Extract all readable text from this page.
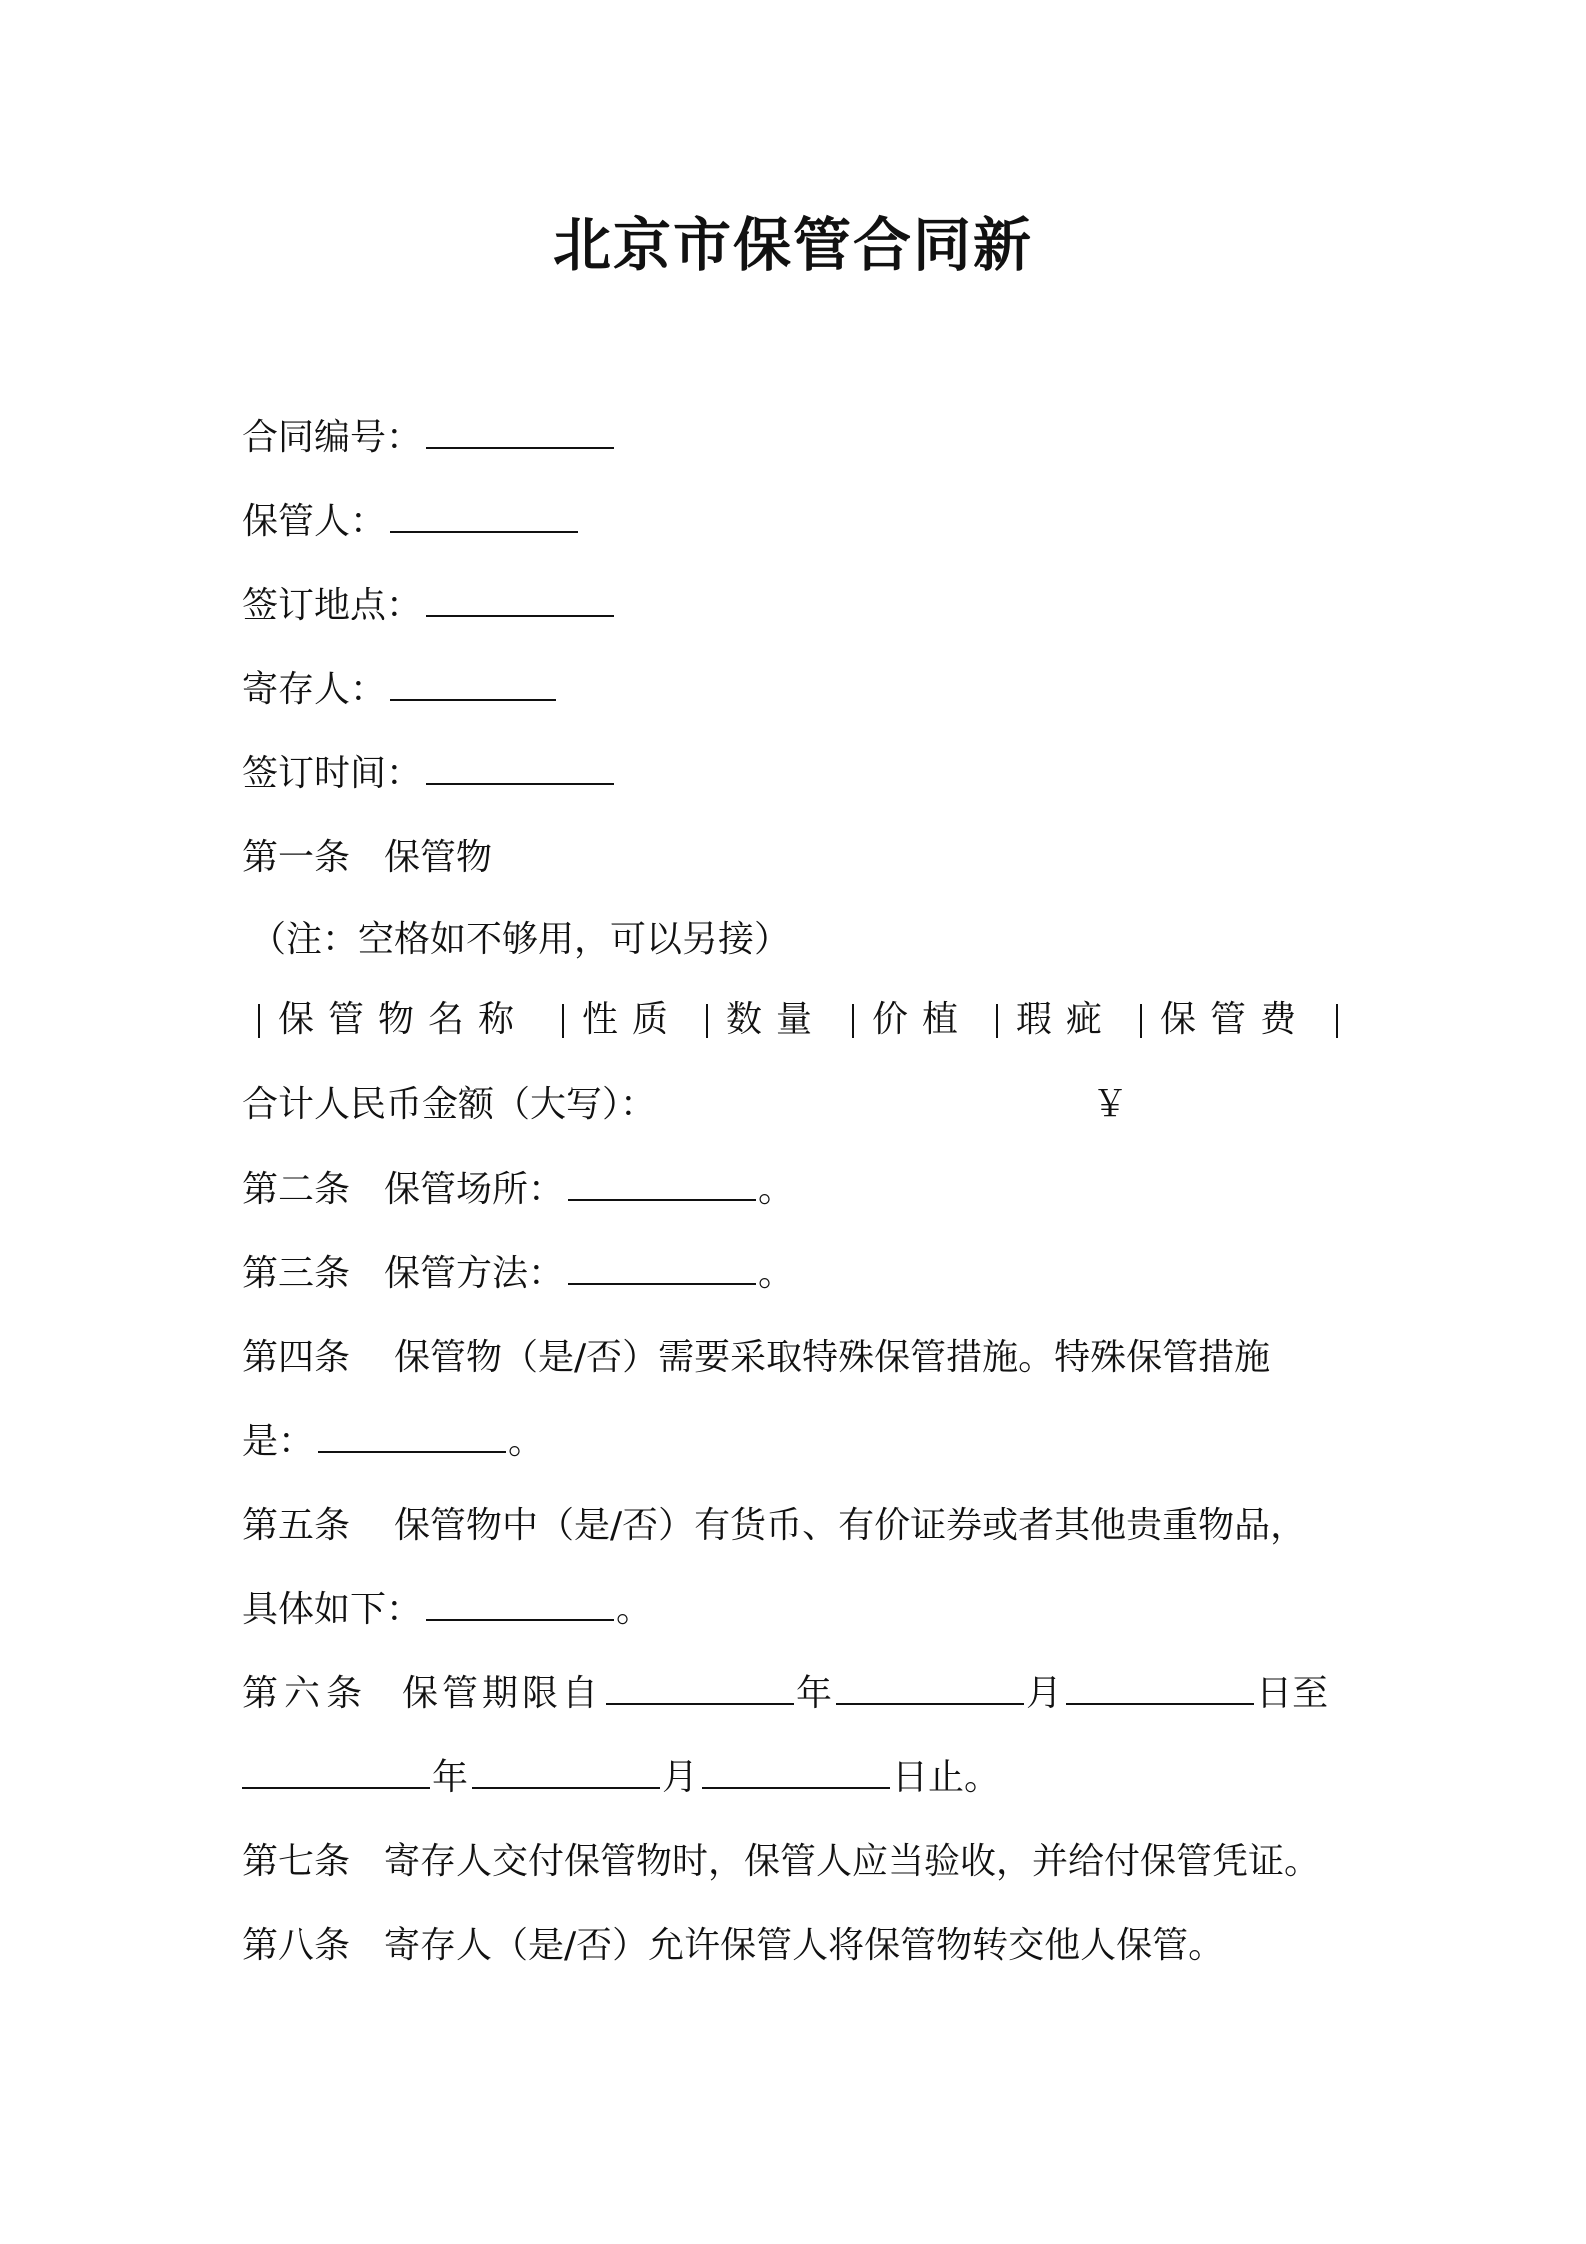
北京市保管合同新
合同编号：
保管人：
签订地点：
寄存人：
签订时间：
第一条 保管物
（注：空格如不够用，可以另接）
保管物名称 性质 数量 价植 瑕疵 保管费
合计人民币金额（大写）：	￥
第二条 保管场所：	。
第三条 保管方法：	。
第四条 保管物（是/否）需要采取特殊保管措施。特殊保管措施
是：	。
第五条 保管物中（是/否）有货币、有价证券或者其他贵重物品，
具体如下：	。
第六条 保管期限自	年	月	日至
年	月	日止。
第七条 寄存人交付保管物时，保管人应当验收，并给付保管凭证。
第八条 寄存人（是/否）允许保管人将保管物转交他人保管。
